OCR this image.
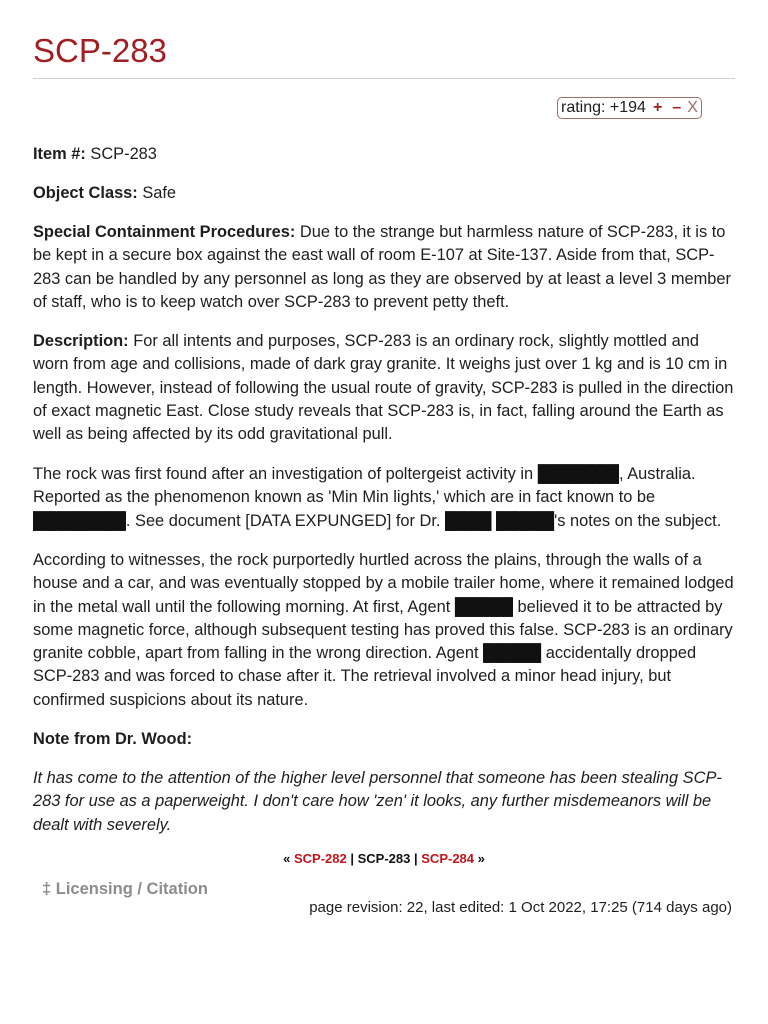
SCP-283
rating: +194 + – X

Item #: SCP-283

Object Class: Safe

Special Containment Procedures: Due to the strange but harmless nature of SCP-283, it is to be kept in a secure box against the east wall of room E-107 at Site-137. Aside from that, SCP-283 can be handled by any personnel as long as they are observed by at least a level 3 member of staff, who is to keep watch over SCP-283 to prevent petty theft.

Description: For all intents and purposes, SCP-283 is an ordinary rock, slightly mottled and worn from age and collisions, made of dark gray granite. It weighs just over 1 kg and is 10 cm in length. However, instead of following the usual route of gravity, SCP-283 is pulled in the direction of exact magnetic East. Close study reveals that SCP-283 is, in fact, falling around the Earth as well as being affected by its odd gravitational pull.

The rock was first found after an investigation of poltergeist activity in ███████, Australia. Reported as the phenomenon known as 'Min Min lights,' which are in fact known to be ████████. See document [DATA EXPUNGED] for Dr. ████ █████'s notes on the subject.

According to witnesses, the rock purportedly hurtled across the plains, through the walls of a house and a car, and was eventually stopped by a mobile trailer home, where it remained lodged in the metal wall until the following morning. At first, Agent █████ believed it to be attracted by some magnetic force, although subsequent testing has proved this false. SCP-283 is an ordinary granite cobble, apart from falling in the wrong direction. Agent █████ accidentally dropped SCP-283 and was forced to chase after it. The retrieval involved a minor head injury, but confirmed suspicions about its nature.

Note from Dr. Wood:

It has come to the attention of the higher level personnel that someone has been stealing SCP-283 for use as a paperweight. I don't care how 'zen' it looks, any further misdemeanors will be dealt with severely.

« SCP-282 | SCP-283 | SCP-284 »
‡ Licensing / Citation
page revision: 22, last edited: 1 Oct 2022, 17:25 (714 days ago)
